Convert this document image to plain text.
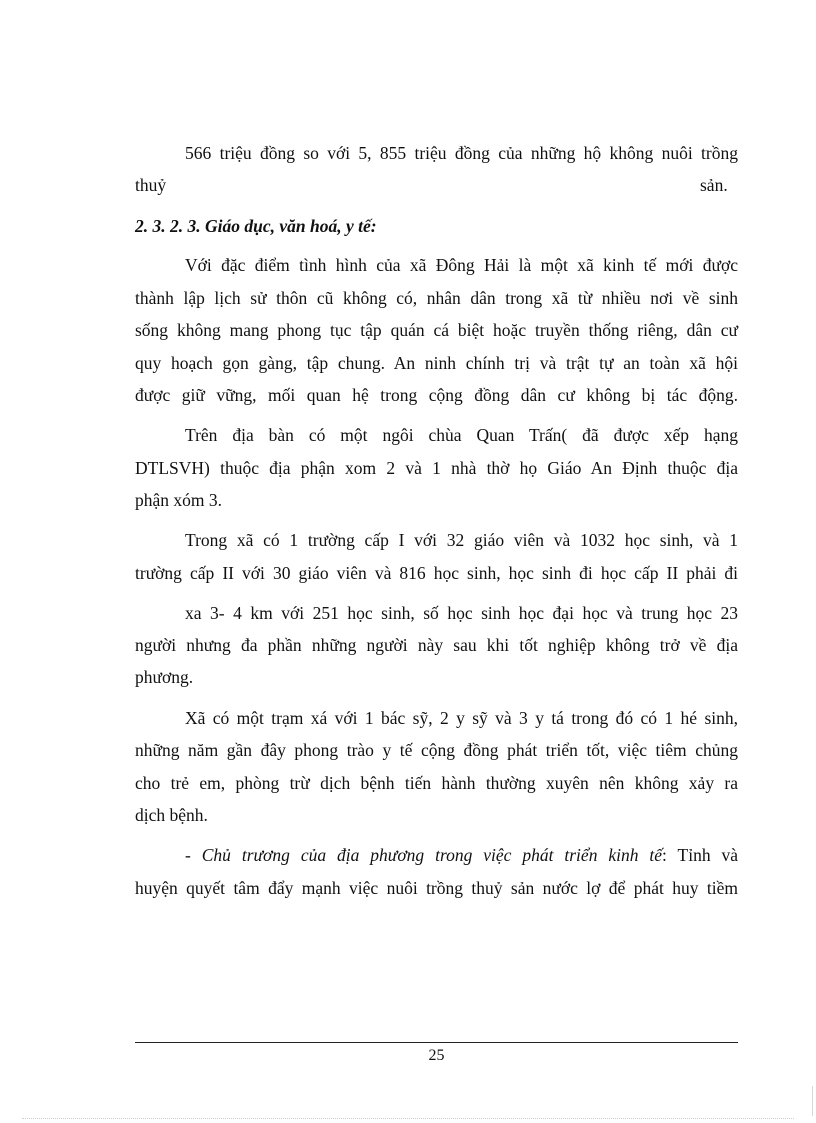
566 triệu đồng so với 5, 855 triệu đồng của những hộ không nuôi trồng
thuỷ	sản.
2. 3. 2. 3. Giáo dục, văn hoá, y tế:
Với đặc điểm tình hình của xã Đông Hải là một xã kinh tế mới được
thành lập lịch sử thôn cũ không có, nhân dân trong xã từ nhiều nơi về sinh
sống không mang phong tục tập quán cá biệt hoặc truyền thống riêng, dân cư
quy hoạch gọn gàng, tập chung. An ninh chính trị và trật tự an toàn xã hội
được giữ vững, mối quan hệ trong cộng đồng dân cư không bị tác động.
Trên địa bàn có một ngôi chùa Quan Trấn( đã được xếp hạng
DTLSVH) thuộc địa phận xom 2 và 1 nhà thờ họ Giáo An Định thuộc địa
phận xóm 3.
Trong xã có 1 trường cấp I với 32 giáo viên và 1032 học sinh, và 1
trường cấp II với 30 giáo viên và 816 học sinh, học sinh đi học cấp II phải đi
xa 3- 4 km với 251 học sinh, số học sinh học đại học và trung học 23
người nhưng đa phần những người này sau khi tốt nghiệp không trở về địa
phương.
Xã có một trạm xá với 1 bác sỹ, 2 y sỹ và 3 y tá trong đó có 1 hé sinh,
những năm gần đây phong trào y tế cộng đồng phát triển tốt, việc tiêm chủng
cho trẻ em, phòng trừ dịch bệnh tiến hành thường xuyên nên không xảy ra
dịch bệnh.
- Chủ trương của địa phương trong việc phát triển kinh tế: Tỉnh và
huyện quyết tâm đẩy mạnh việc nuôi trồng thuỷ sản nước lợ để phát huy tiềm
25
